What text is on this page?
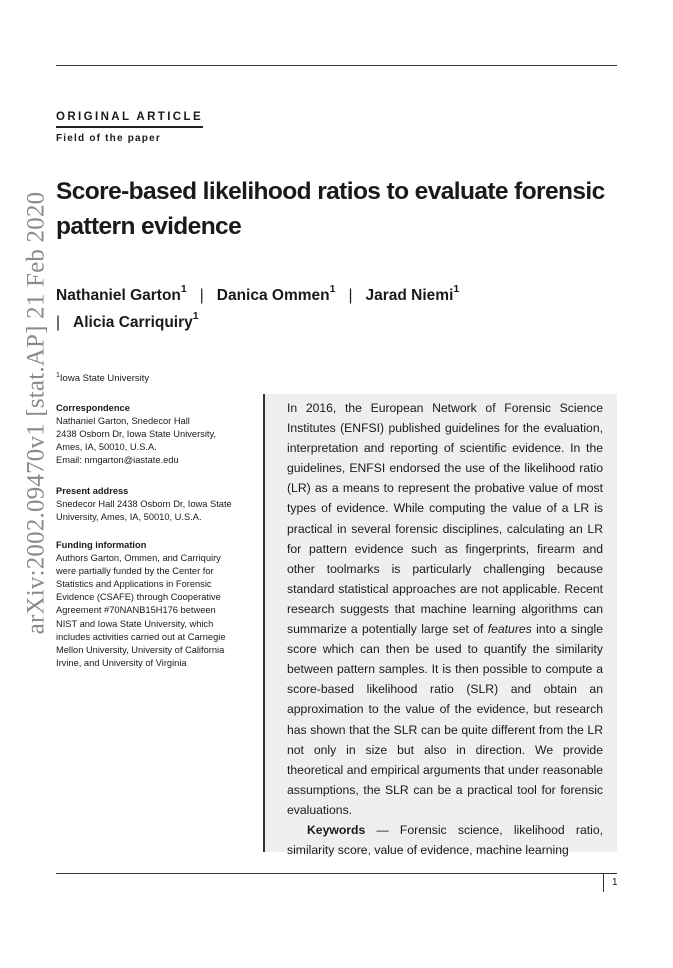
arXiv:2002.09470v1 [stat.AP] 21 Feb 2020
ORIGINAL ARTICLE
Field of the paper
Score-based likelihood ratios to evaluate forensic pattern evidence
Nathaniel Garton$^1$ | Danica Ommen$^1$ | Jarad Niemi$^1$
| Alicia Carriquiry$^1$
$^1$Iowa State University
Correspondence
Nathaniel Garton, Snedecor Hall
2438 Osborn Dr, Iowa State University,
Ames, IA, 50010, U.S.A.
Email: nmgarton@iastate.edu
Present address
Snedecor Hall 2438 Osborn Dr, Iowa State
University, Ames, IA, 50010, U.S.A.
Funding information
Authors Garton, Ommen, and Carriquiry
were partially funded by the Center for
Statistics and Applications in Forensic
Evidence (CSAFE) through Cooperative
Agreement #70NANB15H176 between
NIST and Iowa State University, which
includes activities carried out at Carnegie
Mellon University, University of California
Irvine, and University of Virginia

In 2016, the European Network of Forensic Science Institutes (ENFSI) published guidelines for the evaluation, interpretation and reporting of scientific evidence. In the guidelines, ENFSI endorsed the use of the likelihood ratio (LR) as a means to represent the probative value of most types of evidence. While computing the value of a LR is practical in several forensic disciplines, calculating an LR for pattern evidence such as fingerprints, firearm and other toolmarks is particularly challenging because standard statistical approaches are not applicable. Recent research suggests that machine learning algorithms can summarize a potentially large set of features into a single score which can then be used to quantify the similarity between pattern samples. It is then possible to compute a score-based likelihood ratio (SLR) and obtain an approximation to the value of the evidence, but research has shown that the SLR can be quite different from the LR not only in size but also in direction. We provide theoretical and empirical arguments that under reasonable assumptions, the SLR can be a practical tool for forensic evaluations.

Keywords — Forensic science, likelihood ratio, similarity score, value of evidence, machine learning

1
